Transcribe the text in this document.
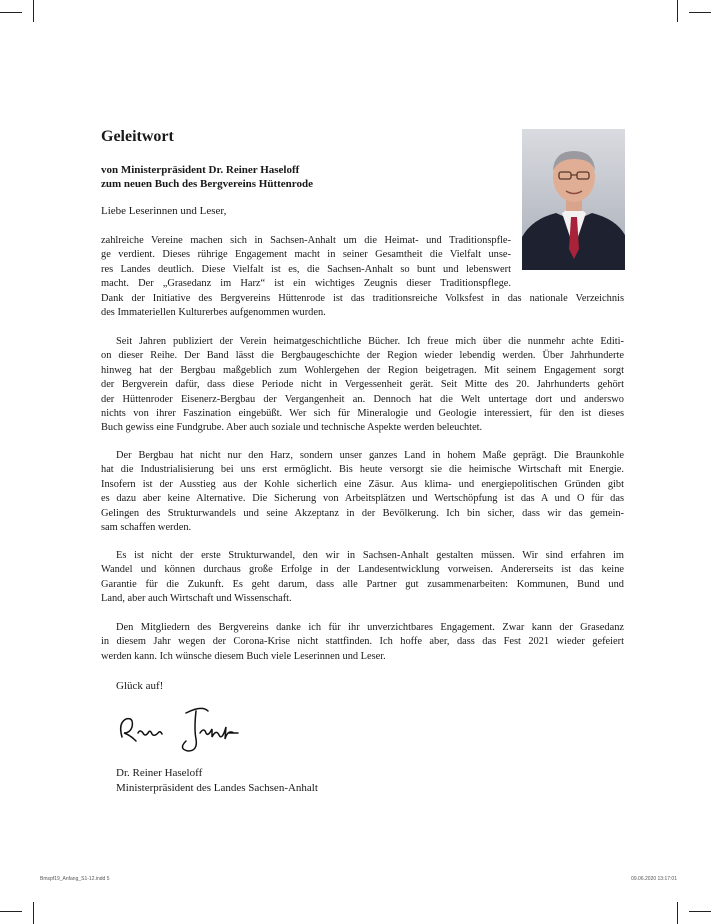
Geleitwort
von Ministerpräsident Dr. Reiner Haseloff
zum neuen Buch des Bergvereins Hüttenrode
Liebe Leserinnen und Leser,
zahlreiche Vereine machen sich in Sachsen-Anhalt um die Heimat- und Traditionspfle-
ge verdient. Dieses rührige Engagement macht in seiner Gesamtheit die Vielfalt unse-
res Landes deutlich. Diese Vielfalt ist es, die Sachsen-Anhalt so bunt und lebenswert
macht. Der „Grasedanz im Harz“ ist ein wichtiges Zeugnis dieser Traditionspflege.
Dank der Initiative des Bergvereins Hüttenrode ist das traditionsreiche Volksfest in das nationale Verzeichnis
des Immateriellen Kulturerbes aufgenommen wurden.
Seit Jahren publiziert der Verein heimatgeschichtliche Bücher. Ich freue mich über die nunmehr achte Editi-
on dieser Reihe. Der Band lässt die Bergbaugeschichte der Region wieder lebendig werden. Über Jahrhunderte
hinweg hat der Bergbau maßgeblich zum Wohlergehen der Region beigetragen. Mit seinem Engagement sorgt
der Bergverein dafür, dass diese Periode nicht in Vergessenheit gerät. Seit Mitte des 20. Jahrhunderts gehört
der Hüttenroder Eisenerz-Bergbau der Vergangenheit an. Dennoch hat die Welt untertage dort und anderswo
nichts von ihrer Faszination eingebüßt. Wer sich für Mineralogie und Geologie interessiert, für den ist dieses
Buch gewiss eine Fundgrube. Aber auch soziale und technische Aspekte werden beleuchtet.
Der Bergbau hat nicht nur den Harz, sondern unser ganzes Land in hohem Maße geprägt. Die Braunkohle
hat die Industrialisierung bei uns erst ermöglicht. Bis heute versorgt sie die heimische Wirtschaft mit Energie.
Insofern ist der Ausstieg aus der Kohle sicherlich eine Zäsur. Aus klima- und energiepolitischen Gründen gibt
es dazu aber keine Alternative. Die Sicherung von Arbeitsplätzen und Wertschöpfung ist das A und O für das
Gelingen des Strukturwandels und seine Akzeptanz in der Bevölkerung. Ich bin sicher, dass wir das gemein-
sam schaffen werden.
Es ist nicht der erste Strukturwandel, den wir in Sachsen-Anhalt gestalten müssen. Wir sind erfahren im
Wandel und können durchaus große Erfolge in der Landesentwicklung vorweisen. Andererseits ist das keine
Garantie für die Zukunft. Es geht darum, dass alle Partner gut zusammenarbeiten: Kommunen, Bund und
Land, aber auch Wirtschaft und Wissenschaft.
Den Mitgliedern des Bergvereins danke ich für ihr unverzichtbares Engagement. Zwar kann der Grasedanz
in diesem Jahr wegen der Corona-Krise nicht stattfinden. Ich hoffe aber, dass das Fest 2021 wieder gefeiert
werden kann. Ich wünsche diesem Buch viele Leserinnen und Leser.
Glück auf!
Dr. Reiner Haseloff
Ministerpräsident des Landes Sachsen-Anhalt
Bmspf19_Anfang_S1-12.indd 5	09.06.2020 13:17:01
